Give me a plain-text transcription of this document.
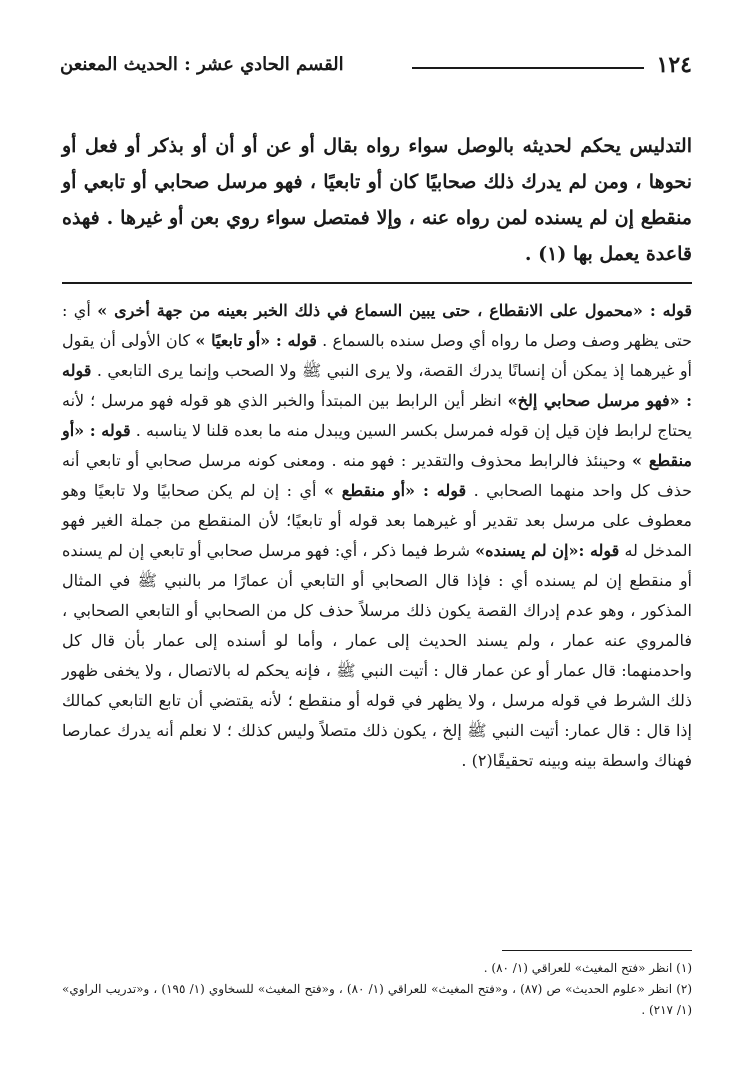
١٢٤
القسم الحادي عشر : الحديث المعنعن

التدليس يحكم لحديثه بالوصل سواء رواه بقال أو عن أو أن أو بذكر أو فعل أو نحوها ، ومن لم يدرك ذلك صحابيًا كان أو تابعيًا ، فهو مرسل صحابي أو تابعي أو منقطع إن لم يسنده لمن رواه عنه ، وإلا فمتصل سواء روي بعن أو غيرها . فهذه قاعدة يعمل بها (١) .

قوله : «محمول على الانقطاع ، حتى يبين السماع في ذلك الخبر بعينه من جهة أخرى » أي : حتى يظهر وصف وصل ما رواه أي وصل سنده بالسماع . قوله : «أو تابعيًا » كان الأولى أن يقول أو غيرهما إذ يمكن أن إنسانًا يدرك القصة، ولا يرى النبي ﷺ ولا الصحب وإنما يرى التابعي . قوله : «فهو مرسل صحابي إلخ» انظر أين الرابط بين المبتدأ والخبر الذي هو قوله فهو مرسل ؛ لأنه يحتاج لرابط فإن قيل إن قوله فمرسل بكسر السين ويبدل منه ما بعده قلنا لا يناسبه . قوله : «أو منقطع » وحينئذ فالرابط محذوف والتقدير : فهو منه . ومعنى كونه مرسل صحابي أو تابعي أنه حذف كل واحد منهما الصحابي . قوله : «أو منقطع » أي : إن لم يكن صحابيًا ولا تابعيًا وهو معطوف على مرسل بعد تقدير أو غيرهما بعد قوله أو تابعيًا؛ لأن المنقطع من جملة الغير فهو المدخل له قوله :«إن لم يسنده» شرط فيما ذكر ، أي: فهو مرسل صحابي أو تابعي إن لم يسنده أو منقطع إن لم يسنده أي : فإذا قال الصحابي أو التابعي أن عمارًا مر بالنبي ﷺ في المثال المذكور ، وهو عدم إدراك القصة يكون ذلك مرسلاً حذف كل من الصحابي أو التابعي الصحابي ، فالمروي عنه عمار ، ولم يسند الحديث إلى عمار ، وأما لو أسنده إلى عمار بأن قال كل واحدمنهما: قال عمار أو عن عمار قال : أتيت النبي ﷺ ، فإنه يحكم له بالاتصال ، ولا يخفى ظهور ذلك الشرط في قوله مرسل ، ولا يظهر في قوله أو منقطع ؛ لأنه يقتضي أن تابع التابعي كمالك إذا قال : قال عمار: أتيت النبي ﷺ إلخ ، يكون ذلك متصلاً وليس كذلك ؛ لا نعلم أنه يدرك عمارصا فهناك واسطة بينه وبينه تحقيقًا(٢) .

(١) انظر «فتح المغيث» للعراقي (١/ ٨٠) .

(٢) انظر «علوم الحديث» ص (٨٧) ، و«فتح المغيث» للعراقي (١/ ٨٠) ، و«فتح المغيث» للسخاوي (١/ ١٩٥) ، و«تدريب الراوي» (١/ ٢١٧) .
